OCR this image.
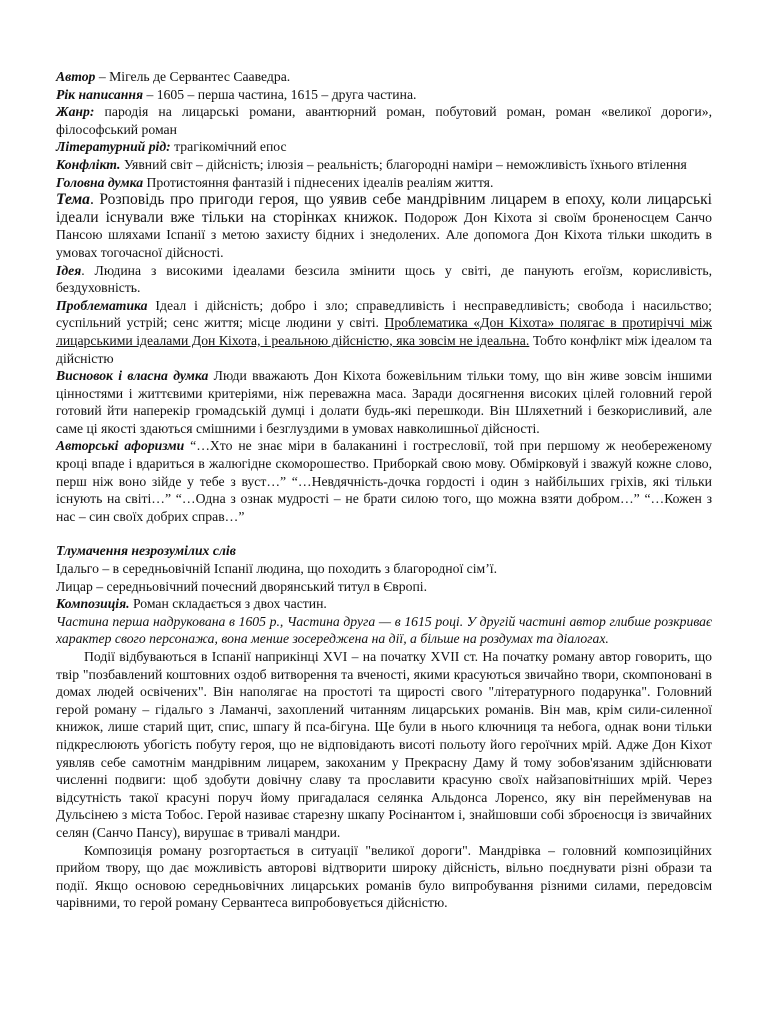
Автор – Мігель де Сервантес Сааведра.

Рік написання – 1605 – перша частина, 1615 – друга частина.

Жанр: пародія на лицарські романи, авантюрний роман, побутовий роман, роман «великої дороги», філософський роман

Літературний рід: трагікомічний епос

Конфлікт. Уявний світ – дійсність; ілюзія – реальність; благородні наміри – неможливість їхнього втілення

Головна думка Протистояння фантазій і піднесених ідеалів реаліям життя.

Тема. Розповідь про пригоди героя, що уявив себе мандрівним лицарем в епоху, коли лицарські ідеали існували вже тільки на сторінках книжок. Подорож Дон Кіхота зі своїм броненосцем Санчо Пансою шляхами Іспанії з метою захисту бідних і знедолених. Але допомога Дон Кіхота тільки шкодить в умовах тогочасної дійсності.

Ідея. Людина з високими ідеалами безсила змінити щось у світі, де панують егоїзм, корисливість, бездуховність.

Проблематика Ідеал і дійсність; добро і зло; справедливість і несправедливість; свобода і насильство; суспільний устрій; сенс життя; місце людини у світі. Проблематика «Дон Кіхота» полягає в протиріччі між лицарськими ідеалами Дон Кіхота, і реальною дійсністю, яка зовсім не ідеальна. Тобто конфлікт між ідеалом та дійсністю

Висновок і власна думка Люди вважають Дон Кіхота божевільним тільки тому, що він живе зовсім іншими цінностями і життєвими критеріями, ніж переважна маса. Заради досягнення високих цілей головний герой готовий йти наперекір громадській думці і долати будь-які перешкоди. Він Шляхетний і безкорисливий, але саме ці якості здаються смішними і безглуздими в умовах навколишньої дійсності.

Авторські афоризми “…Хто не знає міри в балаканині і гостресловії, той при першому ж необереженому кроці впаде і вдариться в жалюгідне скоморошество. Приборкай свою мову. Обмірковуй і зважуй кожне слово, перш ніж воно зійде у тебе з вуст…” “…Невдячність-дочка гордості і один з найбільших гріхів, які тільки існують на світі…” “…Одна з ознак мудрості – не брати силою того, що можна взяти добром…” “…Кожен з нас – син своїх добрих справ…”

Тлумачення незрозумілих слів

Ідальго – в середньовічній Іспанії людина, що походить з благородної сім’ї.

Лицар – середньовічний почесний дворянський титул в Європі.

Композиція. Роман складається з двох частин.

Частина перша надрукована в 1605 р., Частина друга — в 1615 році. У другій частині автор глибше розкриває характер свого персонажа, вона менше зосереджена на дії, а більше на роздумах та діалогах.

Події відбуваються в Іспанії наприкінці XVI – на початку XVII ст. На початку роману автор говорить, що твір "позбавлений коштовних оздоб витворення та вченості, якими красуються звичайно твори, скомпоновані в домах людей освічених". Він наполягає на простоті та щирості свого "літературного подарунка". Головний герой роману – гідальго з Ламанчі, захоплений читанням лицарських романів. Він мав, крім сили-силенної книжок, лише старий щит, спис, шпагу й пса-бігуна. Ще були в нього ключниця та небога, однак вони тільки підкреслюють убогість побуту героя, що не відповідають висоті польоту його героїчних мрій. Адже Дон Кіхот уявляв себе самотнім мандрівним лицарем, закоханим у Прекрасну Даму й тому зобов'язаним здійснювати численні подвиги: щоб здобути довічну славу та прославити красуню своїх найзаповітніших мрій. Через відсутність такої красуні поруч йому пригадалася селянка Альдонса Лоренсо, яку він перейменував на Дульсінею з міста Тобос. Герой називає старезну шкапу Росінантом і, знайшовши собі зброєносця із звичайних селян (Санчо Пансу), вирушає в тривалі мандри.

Композиція роману розгортається в ситуації "великої дороги". Мандрівка – головний композиційних прийом твору, що дає можливість авторові відтворити широку дійсність, вільно поєднувати різні образи та події. Якщо основою середньовічних лицарських романів було випробування різними силами, передовсім чарівними, то герой роману Сервантеса випробовується дійсністю.
